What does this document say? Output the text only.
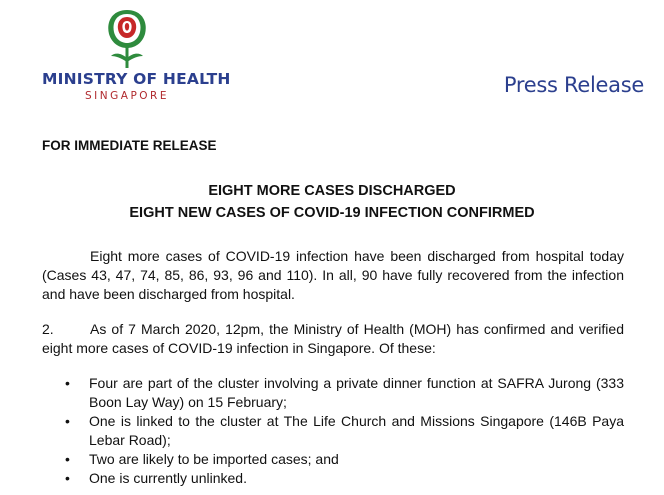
MINISTRY OF HEALTH
SINGAPORE	Press Release
FOR IMMEDIATE RELEASE
EIGHT MORE CASES DISCHARGED
EIGHT NEW CASES OF COVID-19 INFECTION CONFIRMED
Eight more cases of COVID-19 infection have been discharged from hospital today (Cases 43, 47, 74, 85, 86, 93, 96 and 110). In all, 90 have fully recovered from the infection and have been discharged from hospital.
2.	As of 7 March 2020, 12pm, the Ministry of Health (MOH) has confirmed and verified eight more cases of COVID-19 infection in Singapore. Of these:
• Four are part of the cluster involving a private dinner function at SAFRA Jurong (333 Boon Lay Way) on 15 February;
• One is linked to the cluster at The Life Church and Missions Singapore (146B Paya Lebar Road);
• Two are likely to be imported cases; and
• One is currently unlinked.
